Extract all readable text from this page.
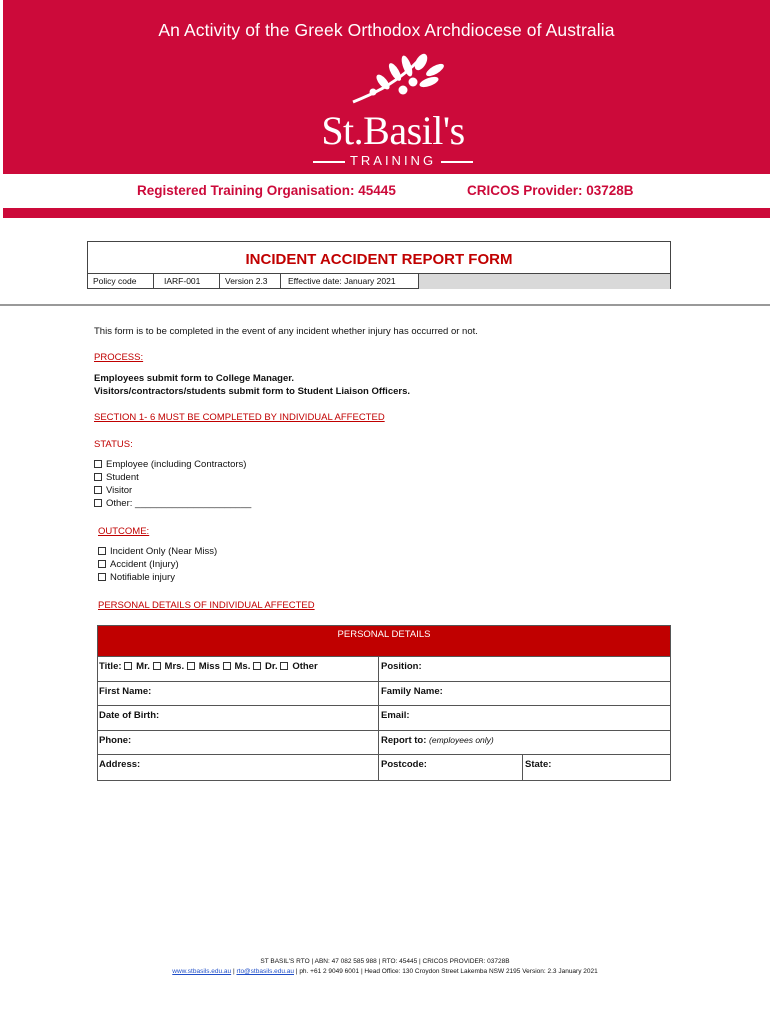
An Activity of the Greek Orthodox Archdiocese of Australia
St.Basil's
TRAINING
Registered Training Organisation: 45445	CRICOS Provider: 03728B
INCIDENT ACCIDENT REPORT FORM
Policy code	IARF-001	Version 2.3	Effective date: January 2021
This form is to be completed in the event of any incident whether injury has occurred or not.
PROCESS:
Employees submit form to College Manager.
Visitors/contractors/students submit form to Student Liaison Officers.
SECTION 1- 6 MUST BE COMPLETED BY INDIVIDUAL AFFECTED
STATUS:
Employee (including Contractors)
Student
Visitor
Other: ______________________
OUTCOME:
Incident Only (Near Miss)
Accident (Injury)
Notifiable injury
PERSONAL DETAILS OF INDIVIDUAL AFFECTED
PERSONAL DETAILS
Title: Mr. Mrs. Miss Ms. Dr. Other	Position:
First Name:	Family Name:
Date of Birth:	Email:
Phone:	Report to: (employees only)
Address:	Postcode:	State:
ST BASIL'S RTO | ABN: 47 082 585 988 | RTO: 45445 | CRICOS PROVIDER: 03728B
www.stbasils.edu.au | rto@stbasils.edu.au | ph. +61 2 9049 6001 | Head Office: 130 Croydon Street Lakemba NSW 2195 Version: 2.3 January 2021
